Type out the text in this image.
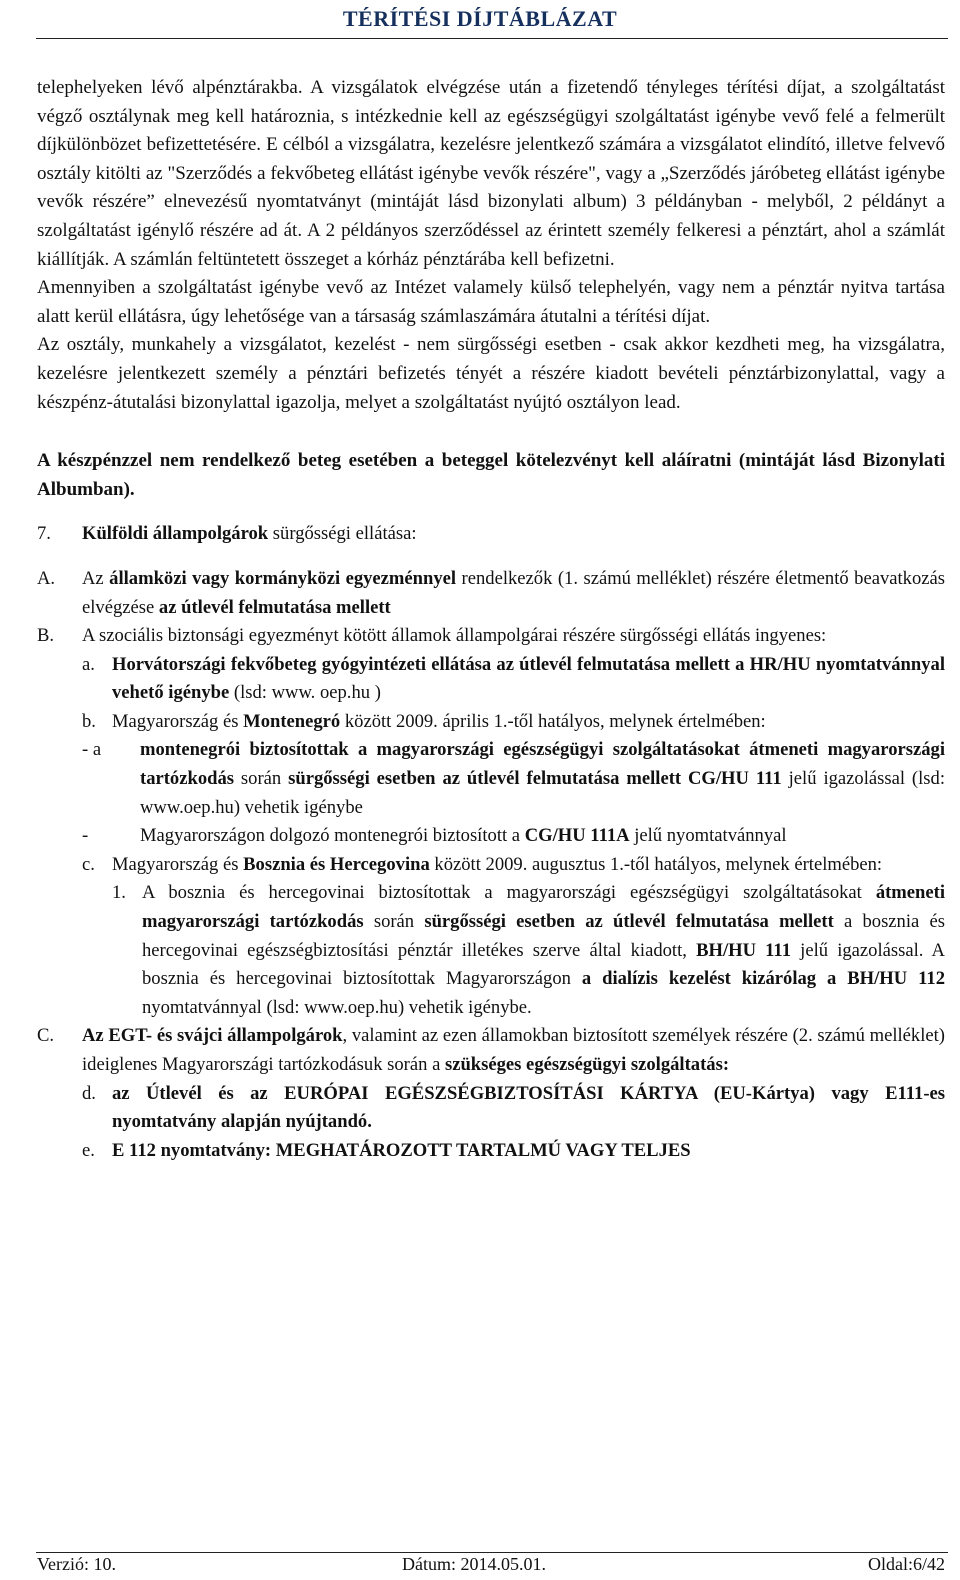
TÉRÍTÉSI DÍJTÁBLÁZAT

telephelyeken lévő alpénztárakba. A vizsgálatok elvégzése után a fizetendő tényleges térítési díjat, a szolgáltatást végző osztálynak meg kell határoznia, s intézkednie kell az egészségügyi szolgáltatást igénybe vevő felé a felmerült díjkülönbözet befizettetésére. E célból a vizsgálatra, kezelésre jelentkező számára a vizsgálatot elindító, illetve felvevő osztály kitölti az "Szerződés a fekvőbeteg ellátást igénybe vevők részére", vagy a „Szerződés járóbeteg ellátást igénybe vevők részére” elnevezésű nyomtatványt (mintáját lásd bizonylati album) 3 példányban - melyből, 2 példányt a szolgáltatást igénylő részére ad át. A 2 példányos szerződéssel az érintett személy felkeresi a pénztárt, ahol a számlát kiállítják. A számlán feltüntetett összeget a kórház pénztárába kell befizetni.

Amennyiben a szolgáltatást igénybe vevő az Intézet valamely külső telephelyén, vagy nem a pénztár nyitva tartása alatt kerül ellátásra, úgy lehetősége van a társaság számlaszámára átutalni a térítési díjat.

Az osztály, munkahely a vizsgálatot, kezelést - nem sürgősségi esetben - csak akkor kezdheti meg, ha vizsgálatra, kezelésre jelentkezett személy a pénztári befizetés tényét a részére kiadott bevételi pénztárbizonylattal, vagy a készpénz-átutalási bizonylattal igazolja, melyet a szolgáltatást nyújtó osztályon lead.

A készpénzzel nem rendelkező beteg esetében a beteggel kötelezvényt kell aláíratni (mintáját lásd Bizonylati Albumban).

7.	Külföldi állampolgárok sürgősségi ellátása:
A.	Az államközi vagy kormányközi egyezménnyel rendelkezők (1. számú melléklet) részére életmentő beavatkozás elvégzése az útlevél felmutatása mellett
B.	A szociális biztonsági egyezményt kötött államok állampolgárai részére sürgősségi ellátás ingyenes:
a. Horvátországi fekvőbeteg gyógyintézeti ellátása az útlevél felmutatása mellett a HR/HU nyomtatvánnyal vehető igénybe (lsd: www. oep.hu )
b. Magyarország és Montenegró között 2009. április 1.-től hatályos, melynek értelmében:
- a	montenegrói biztosítottak a magyarországi egészségügyi szolgáltatásokat átmeneti magyarországi tartózkodás során sürgősségi esetben az útlevél felmutatása mellett CG/HU 111 jelű igazolással (lsd: www.oep.hu) vehetik igénybe
-	Magyarországon dolgozó montenegrói biztosított a CG/HU 111A jelű nyomtatvánnyal
c. Magyarország és Bosznia és Hercegovina között 2009. augusztus 1.-től hatályos, melynek értelmében:
1. A bosznia és hercegovinai biztosítottak a magyarországi egészségügyi szolgáltatásokat átmeneti magyarországi tartózkodás során sürgősségi esetben az útlevél felmutatása mellett a bosznia és hercegovinai egészségbiztosítási pénztár illetékes szerve által kiadott, BH/HU 111 jelű igazolással. A bosznia és hercegovinai biztosítottak Magyarországon a dialízis kezelést kizárólag a BH/HU 112 nyomtatvánnyal (lsd: www.oep.hu) vehetik igénybe.
C.	Az EGT- és svájci állampolgárok, valamint az ezen államokban biztosított személyek részére (2. számú melléklet) ideiglenes Magyarországi tartózkodásuk során a szükséges egészségügyi szolgáltatás:
d. az Útlevél és az EURÓPAI EGÉSZSÉGBIZTOSÍTÁSI KÁRTYA (EU-Kártya) vagy E111-es nyomtatvány alapján nyújtandó.
e. E 112 nyomtatvány: MEGHATÁROZOTT TARTALMÚ VAGY TELJES
Verzió: 10.	Dátum: 2014.05.01.	Oldal:6/42
